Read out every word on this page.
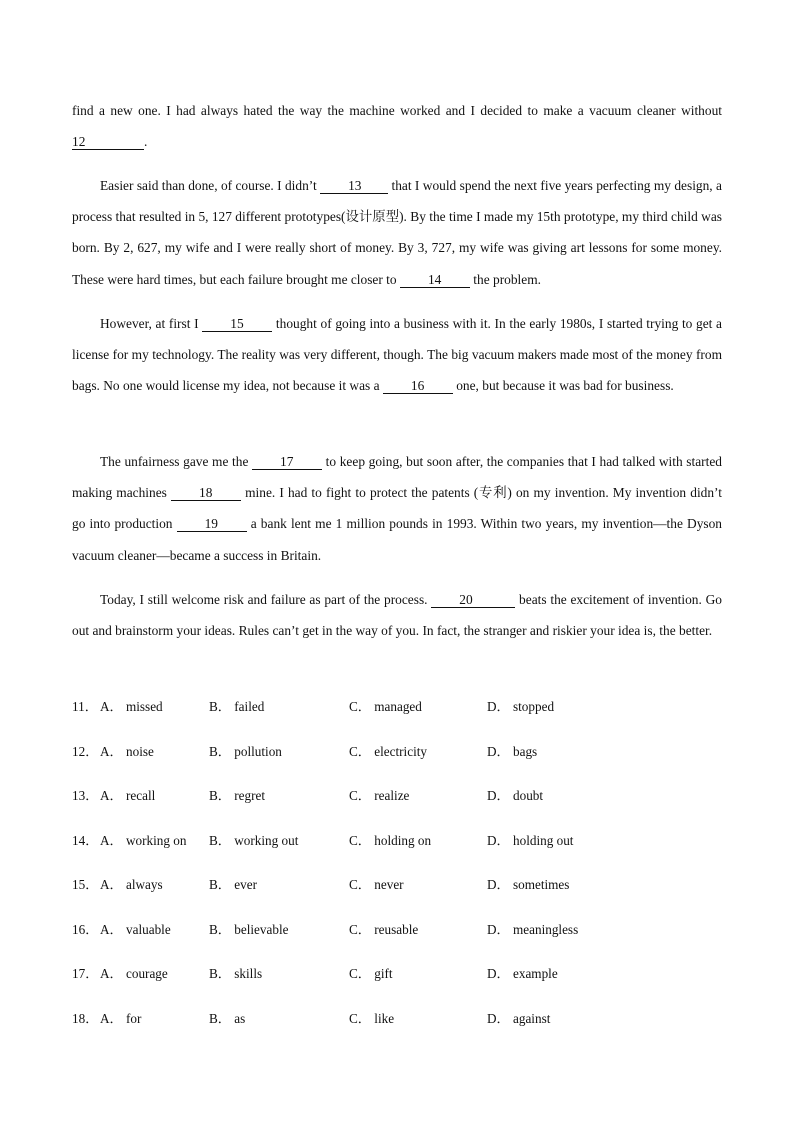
find a new one. I had always hated the way the machine worked and I decided to make a vacuum cleaner without 12	.

Easier said than done, of course. I didn’t 13 that I would spend the next five years perfecting my design, a process that resulted in 5, 127 different prototypes(设计原型). By the time I made my 15th prototype, my third child was born. By 2, 627, my wife and I were really short of money. By 3, 727, my wife was giving art lessons for some money. These were hard times, but each failure brought me closer to 14 the problem.

However, at first I 15 thought of going into a business with it. In the early 1980s, I started trying to get a license for my technology. The reality was very different, though. The big vacuum makers made most of the money from bags. No one would license my idea, not because it was a 16 one, but because it was bad for business.

The unfairness gave me the 17 to keep going, but soon after, the companies that I had talked with started making machines 18 mine. I had to fight to protect the patents (专利) on my invention. My invention didn’t go into production 19 a bank lent me 1 million pounds in 1993. Within two years, my invention—the Dyson vacuum cleaner—became a success in Britain.

Today, I still welcome risk and failure as part of the process. 20	beats the excitement of invention. Go out and brainstorm your ideas. Rules can’t get in the way of you. In fact, the stranger and riskier your idea is, the better.

11． A． missed	B． failed	C． managed	D． stopped
12． A． noise	B． pollution	C． electricity	D． bags
13． A． recall	B． regret	C． realize	D． doubt
14． A． working on B． working out	C． holding on	D． holding out
15． A． always	B． ever	C． never	D． sometimes
16． A． valuable	B． believable	C． reusable	D． meaningless
17． A． courage	B． skills	C． gift	D． example
18． A． for	B． as	C． like	D． against
